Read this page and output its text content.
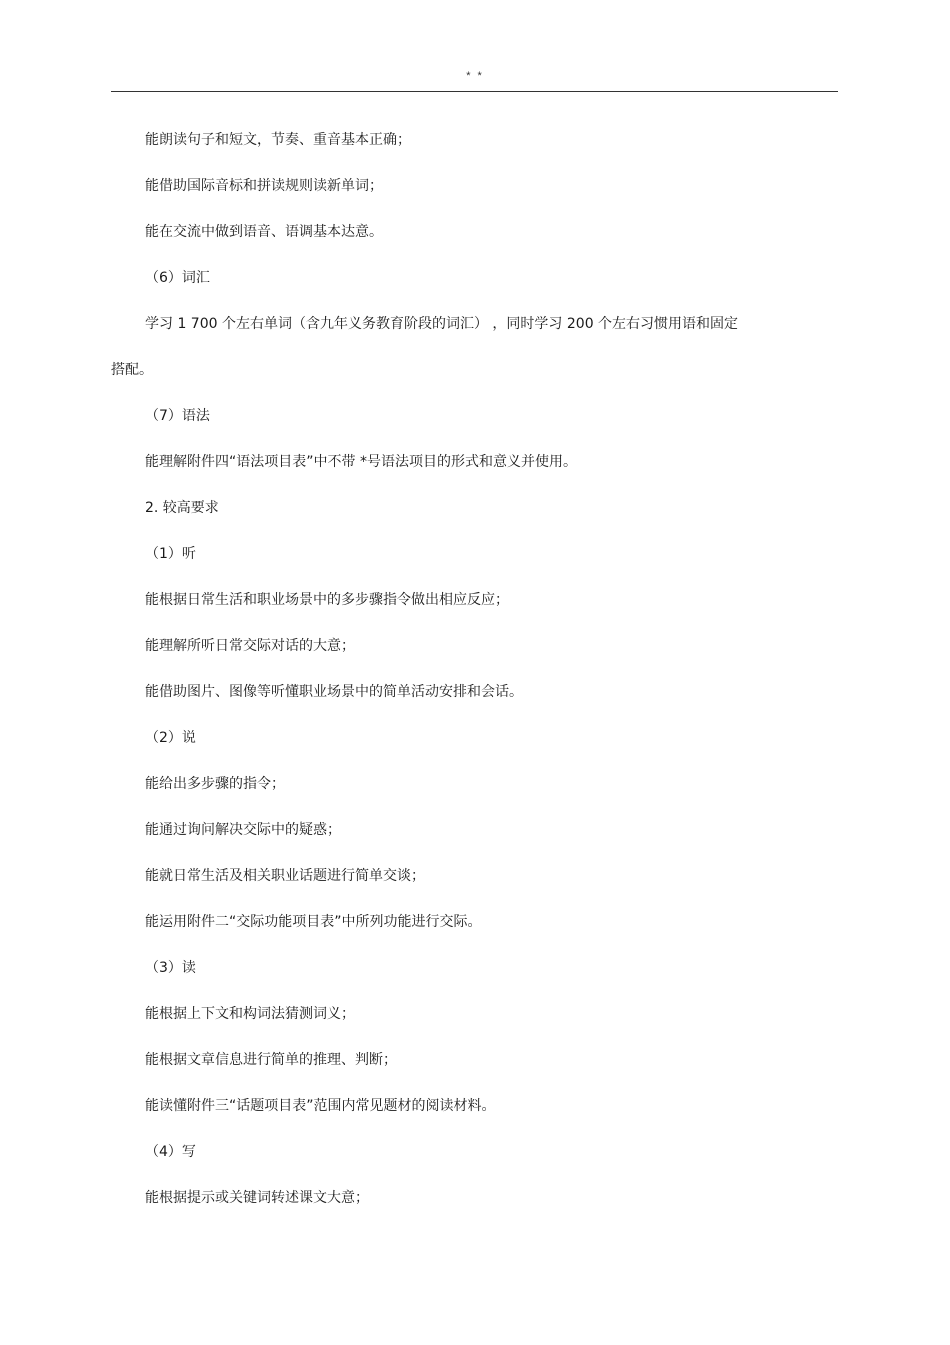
* *
能朗读句子和短文，节奏、重音基本正确；
能借助国际音标和拼读规则读新单词；
能在交流中做到语音、语调基本达意。
（6）词汇
学习 1 700 个左右单词（含九年义务教育阶段的词汇） ，同时学习 200 个左右习惯用语和固定
搭配。
（7）语法
能理解附件四“语法项目表”中不带 *号语法项目的形式和意义并使用。
2. 较高要求
（1）听
能根据日常生活和职业场景中的多步骤指令做出相应反应；
能理解所听日常交际对话的大意；
能借助图片、图像等听懂职业场景中的简单活动安排和会话。
（2）说
能给出多步骤的指令；
能通过询问解决交际中的疑惑；
能就日常生活及相关职业话题进行简单交谈；
能运用附件二“交际功能项目表”中所列功能进行交际。
（3）读
能根据上下文和构词法猜测词义；
能根据文章信息进行简单的推理、判断；
能读懂附件三“话题项目表”范围内常见题材的阅读材料。
（4）写
能根据提示或关键词转述课文大意；
